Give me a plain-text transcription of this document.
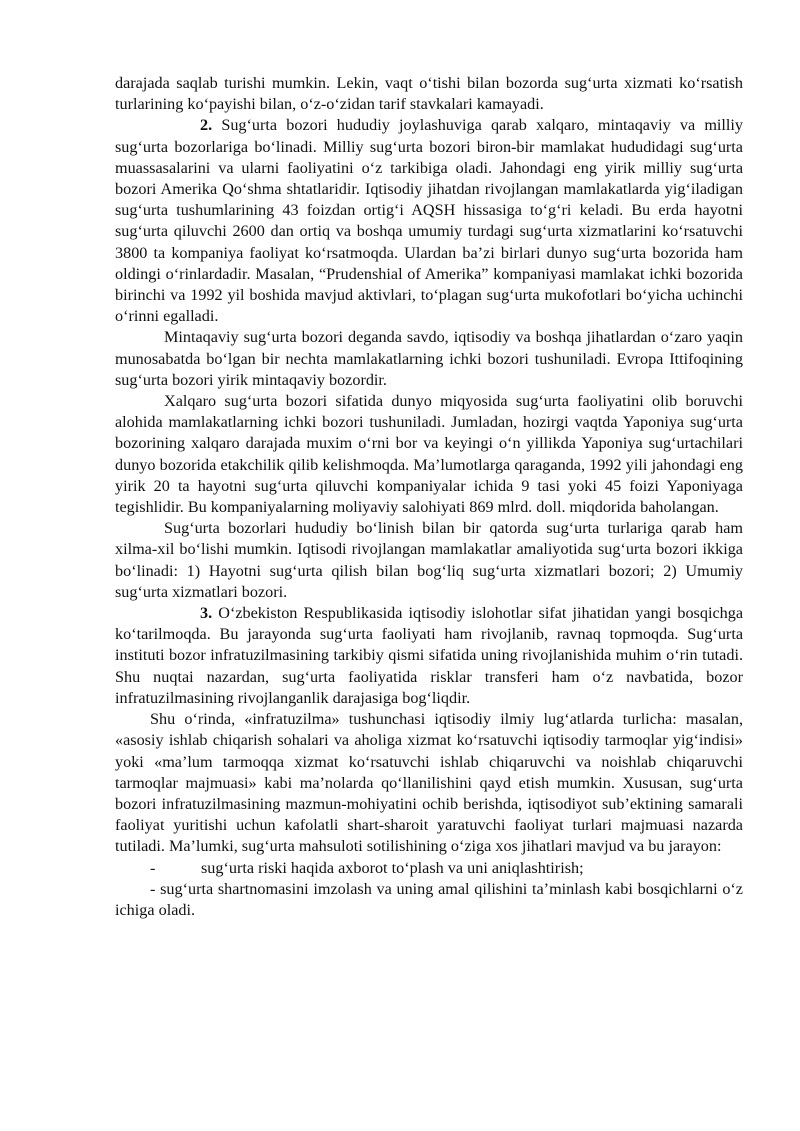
darajada saqlab turishi mumkin. Lekin, vaqt oʻtishi bilan bozorda sugʻurta xizmati koʻrsatish turlarining koʻpayishi bilan, oʻz-oʻzidan tarif stavkalari kamayadi.

2. Sugʻurta bozori hududiy joylashuviga qarab xalqaro, mintaqaviy va milliy sugʻurta bozorlariga boʻlinadi. Milliy sugʻurta bozori biron-bir mamlakat hududidagi sugʻurta muassasalarini va ularni faoliyatini oʻz tarkibiga oladi. Jahondagi eng yirik milliy sugʻurta bozori Amerika Qoʻshma shtatlaridir. Iqtisodiy jihatdan rivojlangan mamlakatlarda yigʻiladigan sugʻurta tushumlarining 43 foizdan ortigʻi AQSH hissasiga toʻgʻri keladi. Bu erda hayotni sugʻurta qiluvchi 2600 dan ortiq va boshqa umumiy turdagi sugʻurta xizmatlarini koʻrsatuvchi 3800 ta kompaniya faoliyat koʻrsatmoqda. Ulardan baʼzi birlari dunyo sugʻurta bozorida ham oldingi oʻrinlardadir. Masalan, “Prudenshial of Amerika” kompaniyasi mamlakat ichki bozorida birinchi va 1992 yil boshida mavjud aktivlari, toʻplagan sugʻurta mukofotlari boʻyicha uchinchi oʻrinni egalladi.

Mintaqaviy sugʻurta bozori deganda savdo, iqtisodiy va boshqa jihatlardan oʻzaro yaqin munosabatda boʻlgan bir nechta mamlakatlarning ichki bozori tushuniladi. Evropa Ittifoqining sugʻurta bozori yirik mintaqaviy bozordir.

Xalqaro sugʻurta bozori sifatida dunyo miqyosida sugʻurta faoliyatini olib boruvchi alohida mamlakatlarning ichki bozori tushuniladi. Jumladan, hozirgi vaqtda Yaponiya sugʻurta bozorining xalqaro darajada muxim oʻrni bor va keyingi oʻn yillikda Yaponiya sugʻurtachilari dunyo bozorida etakchilik qilib kelishmoqda. Maʼlumotlarga qaraganda, 1992 yili jahondagi eng yirik 20 ta hayotni sugʻurta qiluvchi kompaniyalar ichida 9 tasi yoki 45 foizi Yaponiyaga tegishlidir. Bu kompaniyalarning moliyaviy salohiyati 869 mlrd. doll. miqdorida baholangan.

Sugʻurta bozorlari hududiy boʻlinish bilan bir qatorda sugʻurta turlariga qarab ham xilma-xil boʻlishi mumkin. Iqtisodi rivojlangan mamlakatlar amaliyotida sugʻurta bozori ikkiga boʻlinadi: 1) Hayotni sugʻurta qilish bilan bogʻliq sugʻurta xizmatlari bozori; 2) Umumiy sugʻurta xizmatlari bozori.

3. Oʻzbekiston Respublikasida iqtisodiy islohotlar sifat jihatidan yangi bosqichga koʻtarilmoqda. Bu jarayonda sugʻurta faoliyati ham rivojlanib, ravnaq topmoqda. Sugʻurta instituti bozor infratuzilmasining tarkibiy qismi sifatida uning rivojlanishida muhim oʻrin tutadi. Shu nuqtai nazardan, sugʻurta faoliyatida risklar transferi ham oʻz navbatida, bozor infratuzilmasining rivojlanganlik darajasiga bogʻliqdir.

Shu oʻrinda, «infratuzilma» tushunchasi iqtisodiy ilmiy lugʻatlarda turlicha: masalan, «asosiy ishlab chiqarish sohalari va aholiga xizmat koʻrsatuvchi iqtisodiy tarmoqlar yigʻindisi» yoki «maʼlum tarmoqqa xizmat koʻrsatuvchi ishlab chiqaruvchi va noishlab chiqaruvchi tarmoqlar majmuasi» kabi maʼnolarda qoʻllanilishini qayd etish mumkin. Xususan, sugʻurta bozori infratuzilmasining mazmun-mohiyatini ochib berishda, iqtisodiyot subʼektining samarali faoliyat yuritishi uchun kafolatli shart-sharoit yaratuvchi faoliyat turlari majmuasi nazarda tutiladi. Maʼlumki, sugʻurta mahsuloti sotilishining oʻziga xos jihatlari mavjud va bu jarayon:

-	sugʻurta riski haqida axborot toʻplash va uni aniqlashtirish;

- sugʻurta shartnomasini imzolash va uning amal qilishini taʼminlash kabi bosqichlarni oʻz ichiga oladi.
